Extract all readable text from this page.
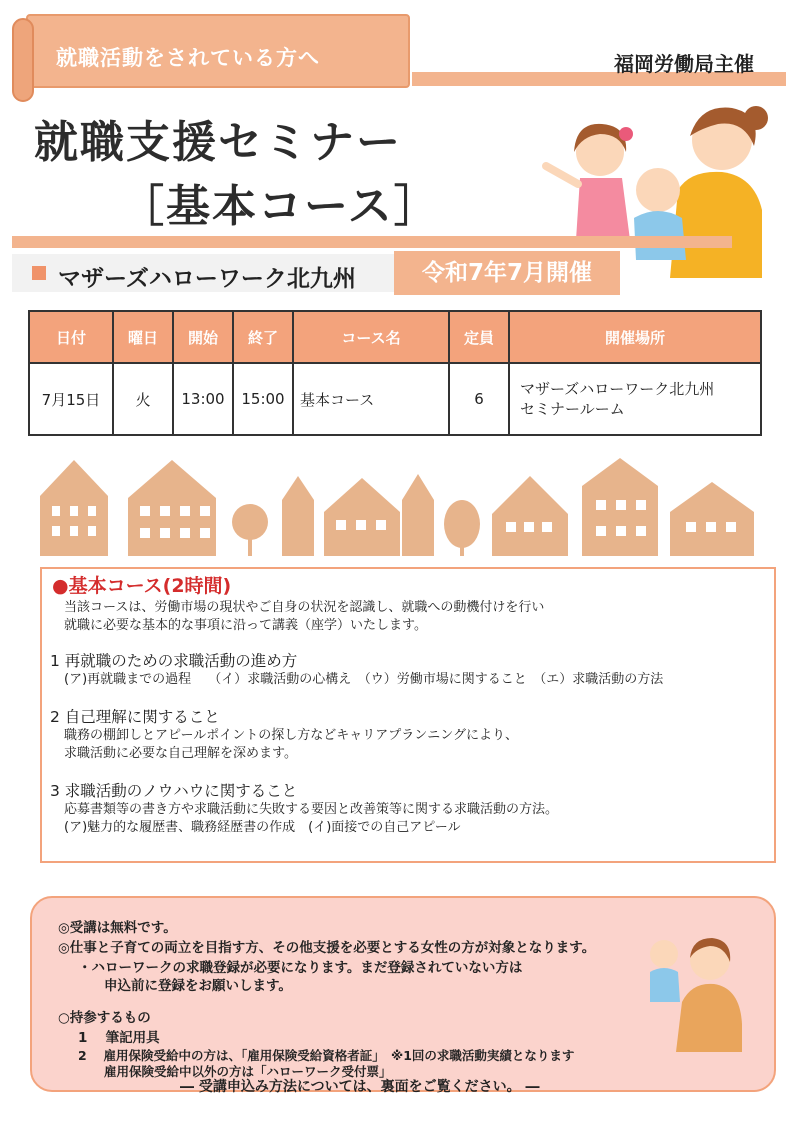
就職活動をされている方へ	福岡労働局主催
就職支援セミナー
［基本コース］
マザーズハローワーク北九州	令和7年7月開催
日付	曜日	開始	終了	コース名	定員	開催場所
7月15日	火	13:00	15:00	基本コース	6	マザーズハローワーク北九州
セミナールーム
●基本コース(2時間)
当該コースは、労働市場の現状やご自身の状況を認識し、就職への動機付けを行い
就職に必要な基本的な事項に沿って講義（座学）いたします。
1 再就職のための求職活動の進め方
(ア)再就職までの過程　 （イ）求職活動の心構え　（ウ）労働市場に関すること　（エ）求職活動の方法
2 自己理解に関すること
職務の棚卸しとアピールポイントの探し方などキャリアプランニングにより、
求職活動に必要な自己理解を深めます。
3 求職活動のノウハウに関すること
応募書類等の書き方や求職活動に失敗する要因と改善策等に関する求職活動の方法。
(ア)魅力的な履歴書、職務経歴書の作成　(イ)面接での自己アピール
◎受講は無料です。
◎仕事と子育ての両立を目指す方、その他支援を必要とする女性の方が対象となります。
・ハローワークの求職登録が必要になります。まだ登録されていない方は
申込前に登録をお願いします。
○持参するもの
1　 筆記用具
2　 雇用保険受給中の方は、「雇用保険受給資格者証」　※1回の求職活動実績となります
雇用保険受給中以外の方は「ハローワーク受付票」
― 受講申込み方法については、裏面をご覧ください。 ―
